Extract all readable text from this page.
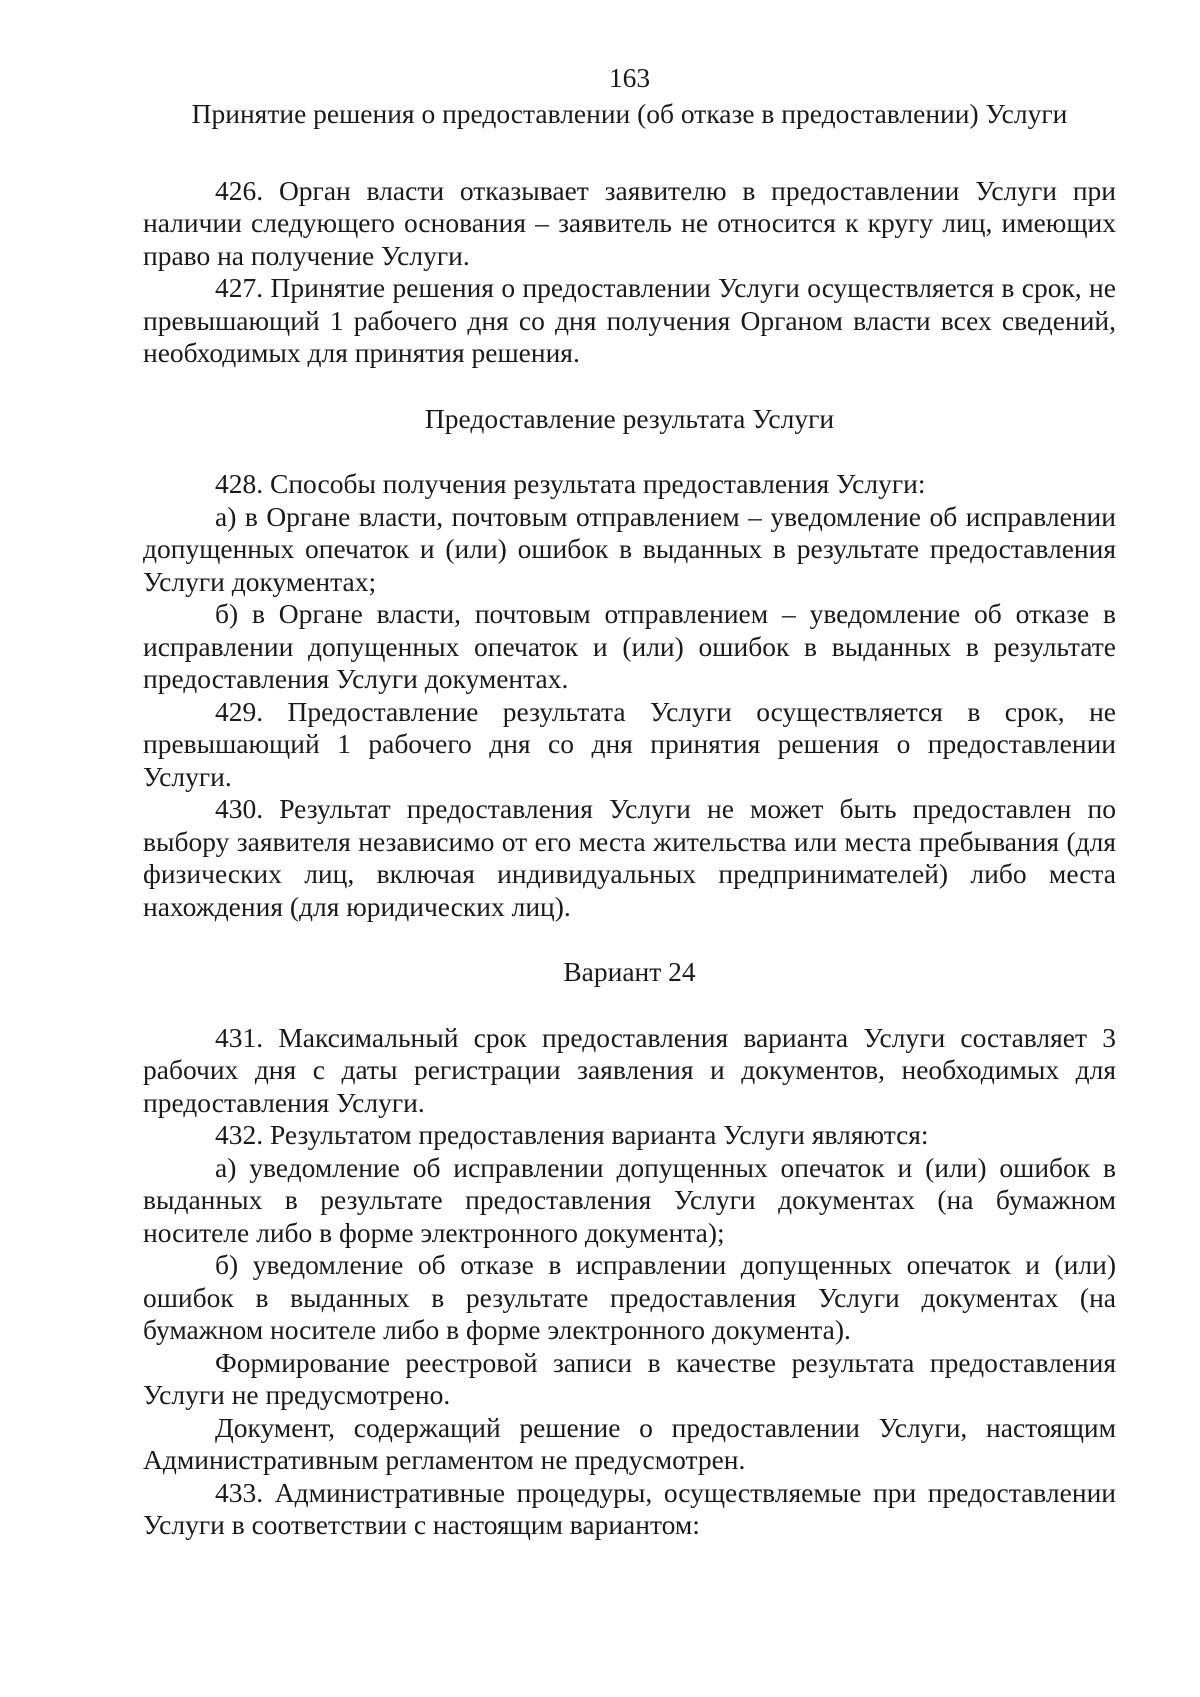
163

Принятие решения о предоставлении (об отказе в предоставлении) Услуги

426. Орган власти отказывает заявителю в предоставлении Услуги при наличии следующего основания – заявитель не относится к кругу лиц, имеющих право на получение Услуги.

427. Принятие решения о предоставлении Услуги осуществляется в срок, не превышающий 1 рабочего дня со дня получения Органом власти всех сведений, необходимых для принятия решения.

Предоставление результата Услуги

428. Способы получения результата предоставления Услуги:

а) в Органе власти, почтовым отправлением – уведомление об исправлении допущенных опечаток и (или) ошибок в выданных в результате предоставления Услуги документах;

б) в Органе власти, почтовым отправлением – уведомление об отказе в исправлении допущенных опечаток и (или) ошибок в выданных в результате предоставления Услуги документах.

429. Предоставление результата Услуги осуществляется в срок, не превышающий 1 рабочего дня со дня принятия решения о предоставлении Услуги.

430. Результат предоставления Услуги не может быть предоставлен по выбору заявителя независимо от его места жительства или места пребывания (для физических лиц, включая индивидуальных предпринимателей) либо места нахождения (для юридических лиц).

Вариант 24

431. Максимальный срок предоставления варианта Услуги составляет 3 рабочих дня с даты регистрации заявления и документов, необходимых для предоставления Услуги.

432. Результатом предоставления варианта Услуги являются:

а) уведомление об исправлении допущенных опечаток и (или) ошибок в выданных в результате предоставления Услуги документах (на бумажном носителе либо в форме электронного документа);

б) уведомление об отказе в исправлении допущенных опечаток и (или) ошибок в выданных в результате предоставления Услуги документах (на бумажном носителе либо в форме электронного документа).

Формирование реестровой записи в качестве результата предоставления Услуги не предусмотрено.

Документ, содержащий решение о предоставлении Услуги, настоящим Административным регламентом не предусмотрен.

433. Административные процедуры, осуществляемые при предоставлении Услуги в соответствии с настоящим вариантом:
